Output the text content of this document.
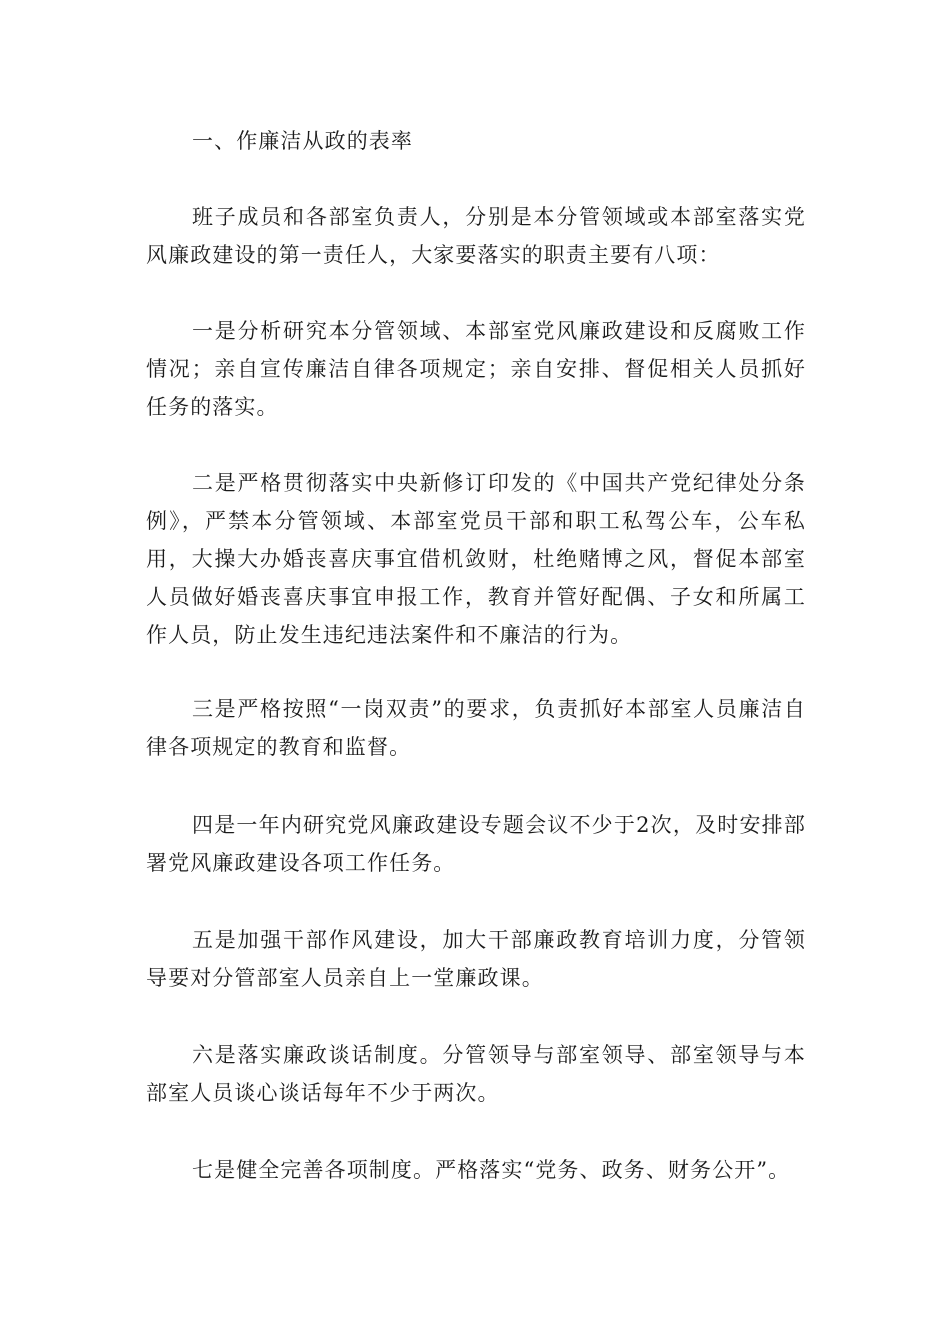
一、作廉洁从政的表率

班子成员和各部室负责人，分别是本分管领域或本部室落实党风廉政建设的第一责任人，大家要落实的职责主要有八项：

一是分析研究本分管领域、本部室党风廉政建设和反腐败工作情况；亲自宣传廉洁自律各项规定；亲自安排、督促相关人员抓好任务的落实。

二是严格贯彻落实中央新修订印发的《中国共产党纪律处分条例》，严禁本分管领域、本部室党员干部和职工私驾公车，公车私用，大操大办婚丧喜庆事宜借机敛财，杜绝赌博之风，督促本部室人员做好婚丧喜庆事宜申报工作，教育并管好配偶、子女和所属工作人员，防止发生违纪违法案件和不廉洁的行为。

三是严格按照“一岗双责”的要求，负责抓好本部室人员廉洁自律各项规定的教育和监督。

四是一年内研究党风廉政建设专题会议不少于2次，及时安排部署党风廉政建设各项工作任务。

五是加强干部作风建设，加大干部廉政教育培训力度，分管领导要对分管部室人员亲自上一堂廉政课。

六是落实廉政谈话制度。分管领导与部室领导、部室领导与本部室人员谈心谈话每年不少于两次。

七是健全完善各项制度。严格落实“党务、政务、财务公开”。
